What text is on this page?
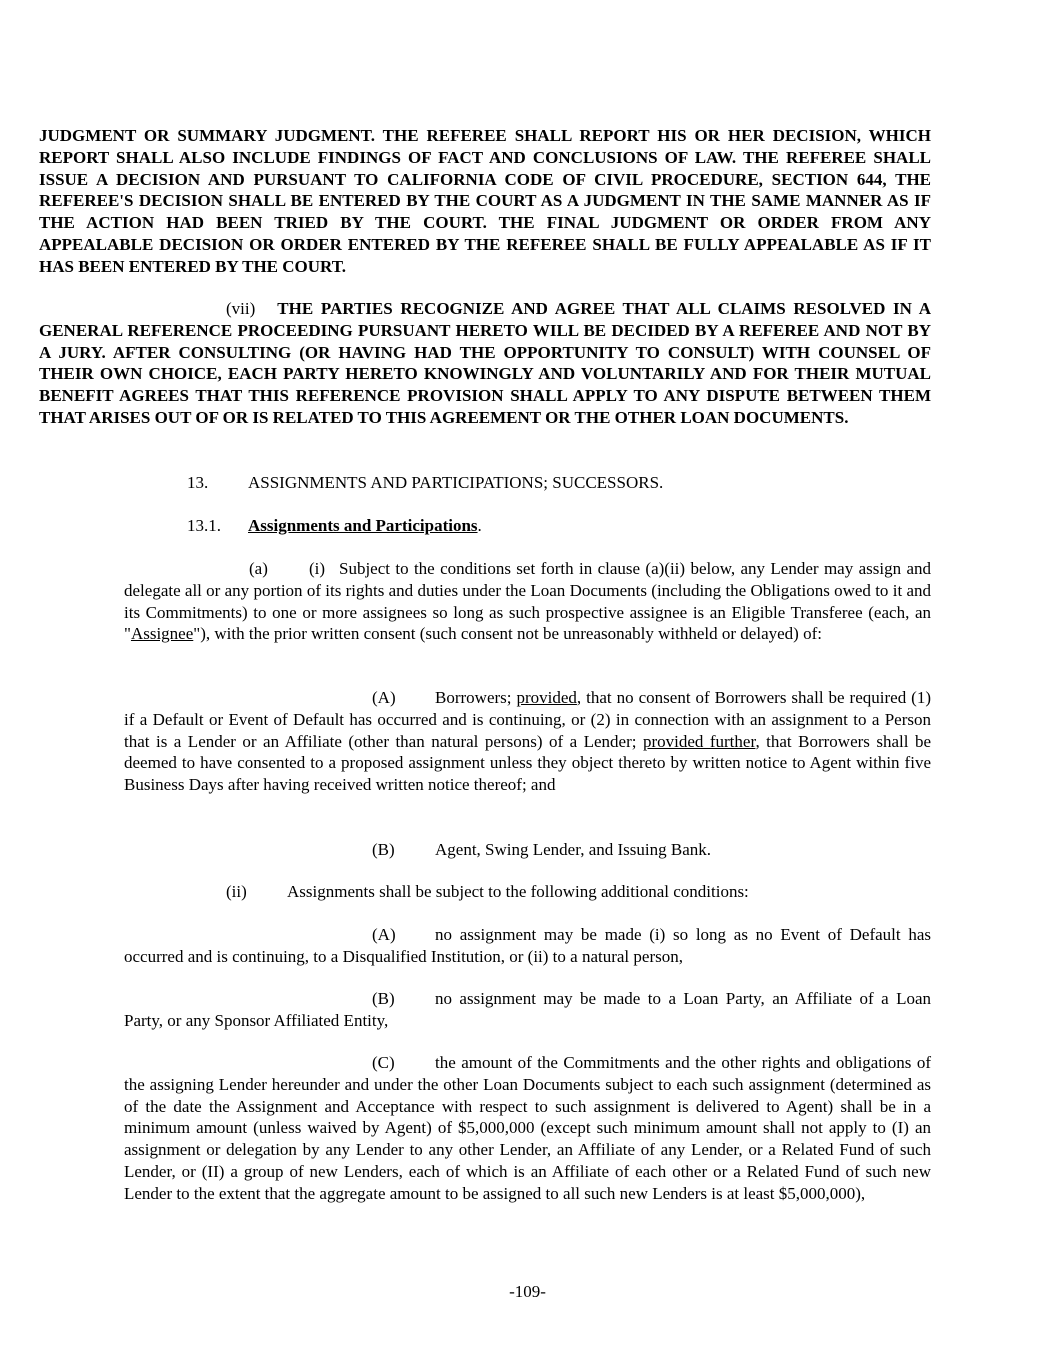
JUDGMENT OR SUMMARY JUDGMENT. THE REFEREE SHALL REPORT HIS OR HER DECISION, WHICH REPORT SHALL ALSO INCLUDE FINDINGS OF FACT AND CONCLUSIONS OF LAW. THE REFEREE SHALL ISSUE A DECISION AND PURSUANT TO CALIFORNIA CODE OF CIVIL PROCEDURE, SECTION 644, THE REFEREE'S DECISION SHALL BE ENTERED BY THE COURT AS A JUDGMENT IN THE SAME MANNER AS IF THE ACTION HAD BEEN TRIED BY THE COURT. THE FINAL JUDGMENT OR ORDER FROM ANY APPEALABLE DECISION OR ORDER ENTERED BY THE REFEREE SHALL BE FULLY APPEALABLE AS IF IT HAS BEEN ENTERED BY THE COURT.

(vii) THE PARTIES RECOGNIZE AND AGREE THAT ALL CLAIMS RESOLVED IN A GENERAL REFERENCE PROCEEDING PURSUANT HERETO WILL BE DECIDED BY A REFEREE AND NOT BY A JURY. AFTER CONSULTING (OR HAVING HAD THE OPPORTUNITY TO CONSULT) WITH COUNSEL OF THEIR OWN CHOICE, EACH PARTY HERETO KNOWINGLY AND VOLUNTARILY AND FOR THEIR MUTUAL BENEFIT AGREES THAT THIS REFERENCE PROVISION SHALL APPLY TO ANY DISPUTE BETWEEN THEM THAT ARISES OUT OF OR IS RELATED TO THIS AGREEMENT OR THE OTHER LOAN DOCUMENTS.

13. ASSIGNMENTS AND PARTICIPATIONS; SUCCESSORS.

13.1. Assignments and Participations.

(a) (i) Subject to the conditions set forth in clause (a)(ii) below, any Lender may assign and delegate all or any portion of its rights and duties under the Loan Documents (including the Obligations owed to it and its Commitments) to one or more assignees so long as such prospective assignee is an Eligible Transferee (each, an "Assignee"), with the prior written consent (such consent not be unreasonably withheld or delayed) of:

(A) Borrowers; provided, that no consent of Borrowers shall be required (1) if a Default or Event of Default has occurred and is continuing, or (2) in connection with an assignment to a Person that is a Lender or an Affiliate (other than natural persons) of a Lender; provided further, that Borrowers shall be deemed to have consented to a proposed assignment unless they object thereto by written notice to Agent within five Business Days after having received written notice thereof; and

(B) Agent, Swing Lender, and Issuing Bank.

(ii) Assignments shall be subject to the following additional conditions:

(A) no assignment may be made (i) so long as no Event of Default has occurred and is continuing, to a Disqualified Institution, or (ii) to a natural person,

(B) no assignment may be made to a Loan Party, an Affiliate of a Loan Party, or any Sponsor Affiliated Entity,

(C) the amount of the Commitments and the other rights and obligations of the assigning Lender hereunder and under the other Loan Documents subject to each such assignment (determined as of the date the Assignment and Acceptance with respect to such assignment is delivered to Agent) shall be in a minimum amount (unless waived by Agent) of $5,000,000 (except such minimum amount shall not apply to (I) an assignment or delegation by any Lender to any other Lender, an Affiliate of any Lender, or a Related Fund of such Lender, or (II) a group of new Lenders, each of which is an Affiliate of each other or a Related Fund of such new Lender to the extent that the aggregate amount to be assigned to all such new Lenders is at least $5,000,000),

-109-
